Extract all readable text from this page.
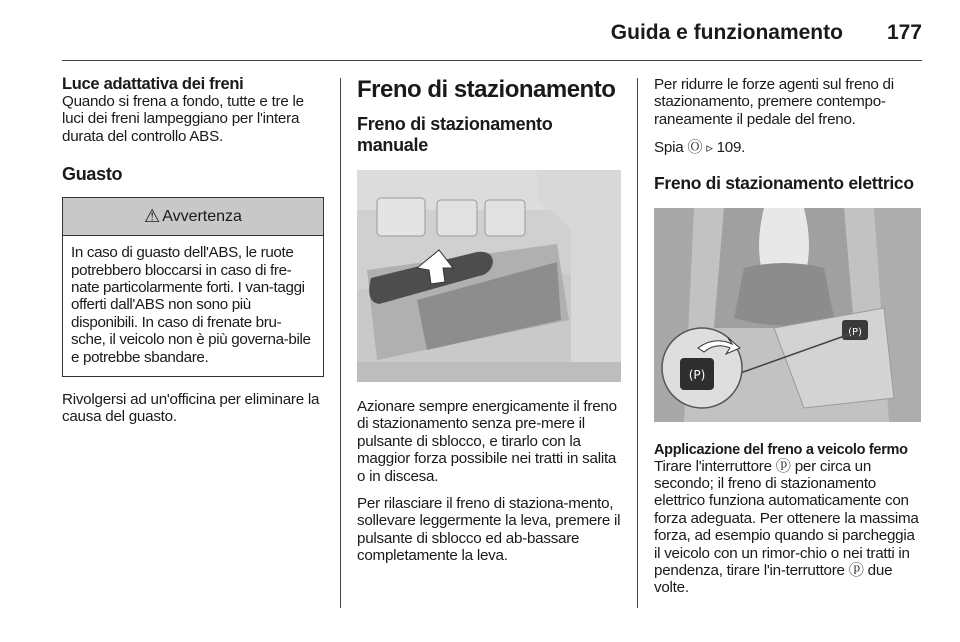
Guida e funzionamento 177
Luce adattativa dei freni

Quando si frena a fondo, tutte e tre le luci dei freni lampeggiano per l'intera durata del controllo ABS.

Guasto
⚠ Avvertenza

In caso di guasto dell'ABS, le ruote potrebbero bloccarsi in caso di fre-nate particolarmente forti. I van-taggi offerti dall'ABS non sono più disponibili. In caso di frenate bru-sche, il veicolo non è più governa-bile e potrebbe sbandare.

Rivolgersi ad un'officina per eliminare la causa del guasto.

Freno di stazionamento
Freno di stazionamento manuale

Azionare sempre energicamente il freno di stazionamento senza pre-mere il pulsante di sblocco, e tirarlo con la maggior forza possibile nei tratti in salita o in discesa.

Per rilasciare il freno di staziona-mento, sollevare leggermente la leva, premere il pulsante di sblocco ed ab-bassare completamente la leva.

Per ridurre le forze agenti sul freno di stazionamento, premere contempo-raneamente il pedale del freno.

Spia Ⓞ ▹ 109.

Freno di stazionamento elettrico
(P)
(P)
Applicazione del freno a veicolo fermo

Tirare l'interruttore ⓟ per circa un secondo; il freno di stazionamento elettrico funziona automaticamente con forza adeguata. Per ottenere la massima forza, ad esempio quando si parcheggia il veicolo con un rimor-chio o nei tratti in pendenza, tirare l'in-terruttore ⓟ due volte.
